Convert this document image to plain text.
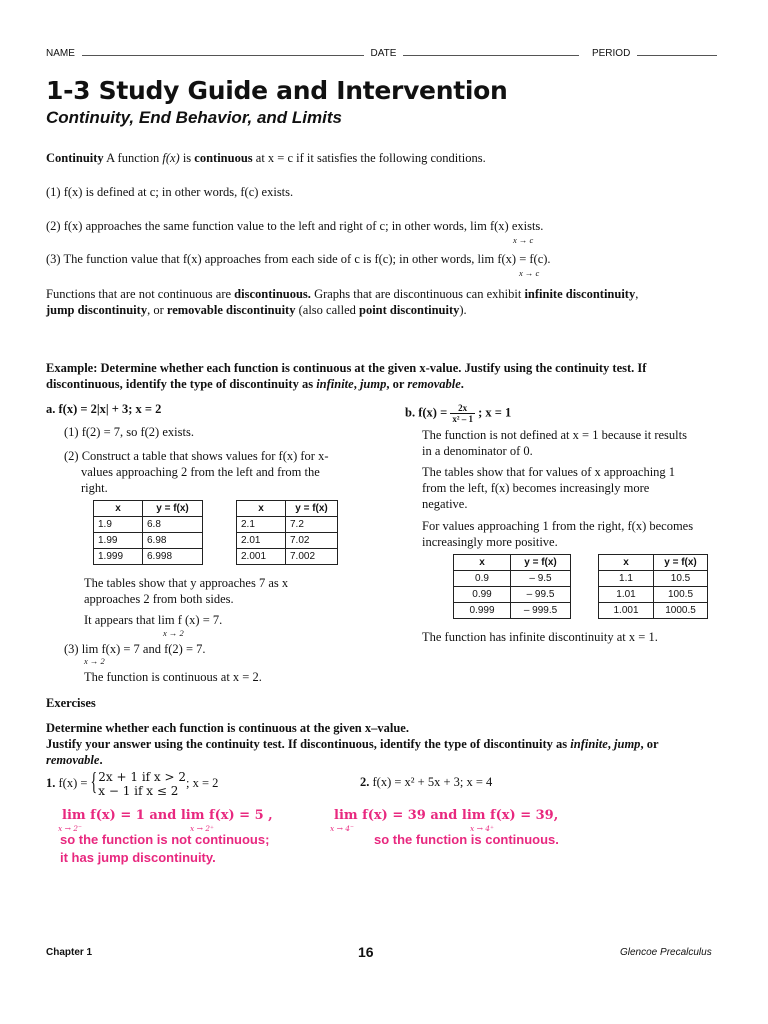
NAME	DATE	PERIOD
1-3 Study Guide and Intervention
Continuity, End Behavior, and Limits
Continuity A function f(x) is continuous at x = c if it satisfies the following conditions.
(1) f(x) is defined at c; in other words, f(c) exists.
(2) f(x) approaches the same function value to the left and right of c; in other words, lim f(x) exists.
x → c
(3) The function value that f(x) approaches from each side of c is f(c); in other words, lim f(x) = f(c).
x → c
Functions that are not continuous are discontinuous. Graphs that are discontinuous can exhibit infinite discontinuity,
jump discontinuity, or removable discontinuity (also called point discontinuity).
Example: Determine whether each function is continuous at the given x-value. Justify using the continuity test. If
discontinuous, identify the type of discontinuity as infinite, jump, or removable.
a. f(x) = 2|x| + 3; x = 2
(1) f(2) = 7, so f(2) exists.
(2) Construct a table that shows values for f(x) for x-
values approaching 2 from the left and from the
right.
x	y = f(x)
1.9	6.8
1.99	6.98
1.999	6.998
x	y = f(x)
2.1	7.2
2.01	7.02
2.001	7.002
The tables show that y approaches 7 as x
approaches 2 from both sides.
It appears that lim f (x) = 7.
x → 2
(3) lim f(x) = 7 and f(2) = 7.
x → 2
The function is continuous at x = 2.
b. $f(x) = \frac{2x}{\text{x² – 1}}$ ; x = 1
The function is not defined at x = 1 because it results
in a denominator of 0.
The tables show that for values of x approaching 1
from the left, f(x) becomes increasingly more
negative.
For values approaching 1 from the right, f(x) becomes
increasingly more positive.
x	y = f(x)
0.9	– 9.5
0.99	– 99.5
0.999	– 999.5
x	y = f(x)
1.1	10.5
1.01	100.5
1.001	1000.5
The function has infinite discontinuity at x = 1.
Exercises
Determine whether each function is continuous at the given x–value.
Justify your answer using the continuity test. If discontinuous, identify the type of discontinuity as infinite, jump, or
removable.
1. f(x) = { 2x + 1 if x > 2
x − 1 if x ≤ 2
; x = 2	2. f(x) = x² + 5x + 3; x = 4
lim f(x) = 1 and lim f(x) = 5 ,
x → 2⁻	x → 2⁺
so the function is not continuous;
it has jump discontinuity.
lim f(x) = 39 and lim f(x) = 39,
x → 4⁻	x → 4⁺
so the function is continuous.
Chapter 1	16	Glencoe Precalculus
